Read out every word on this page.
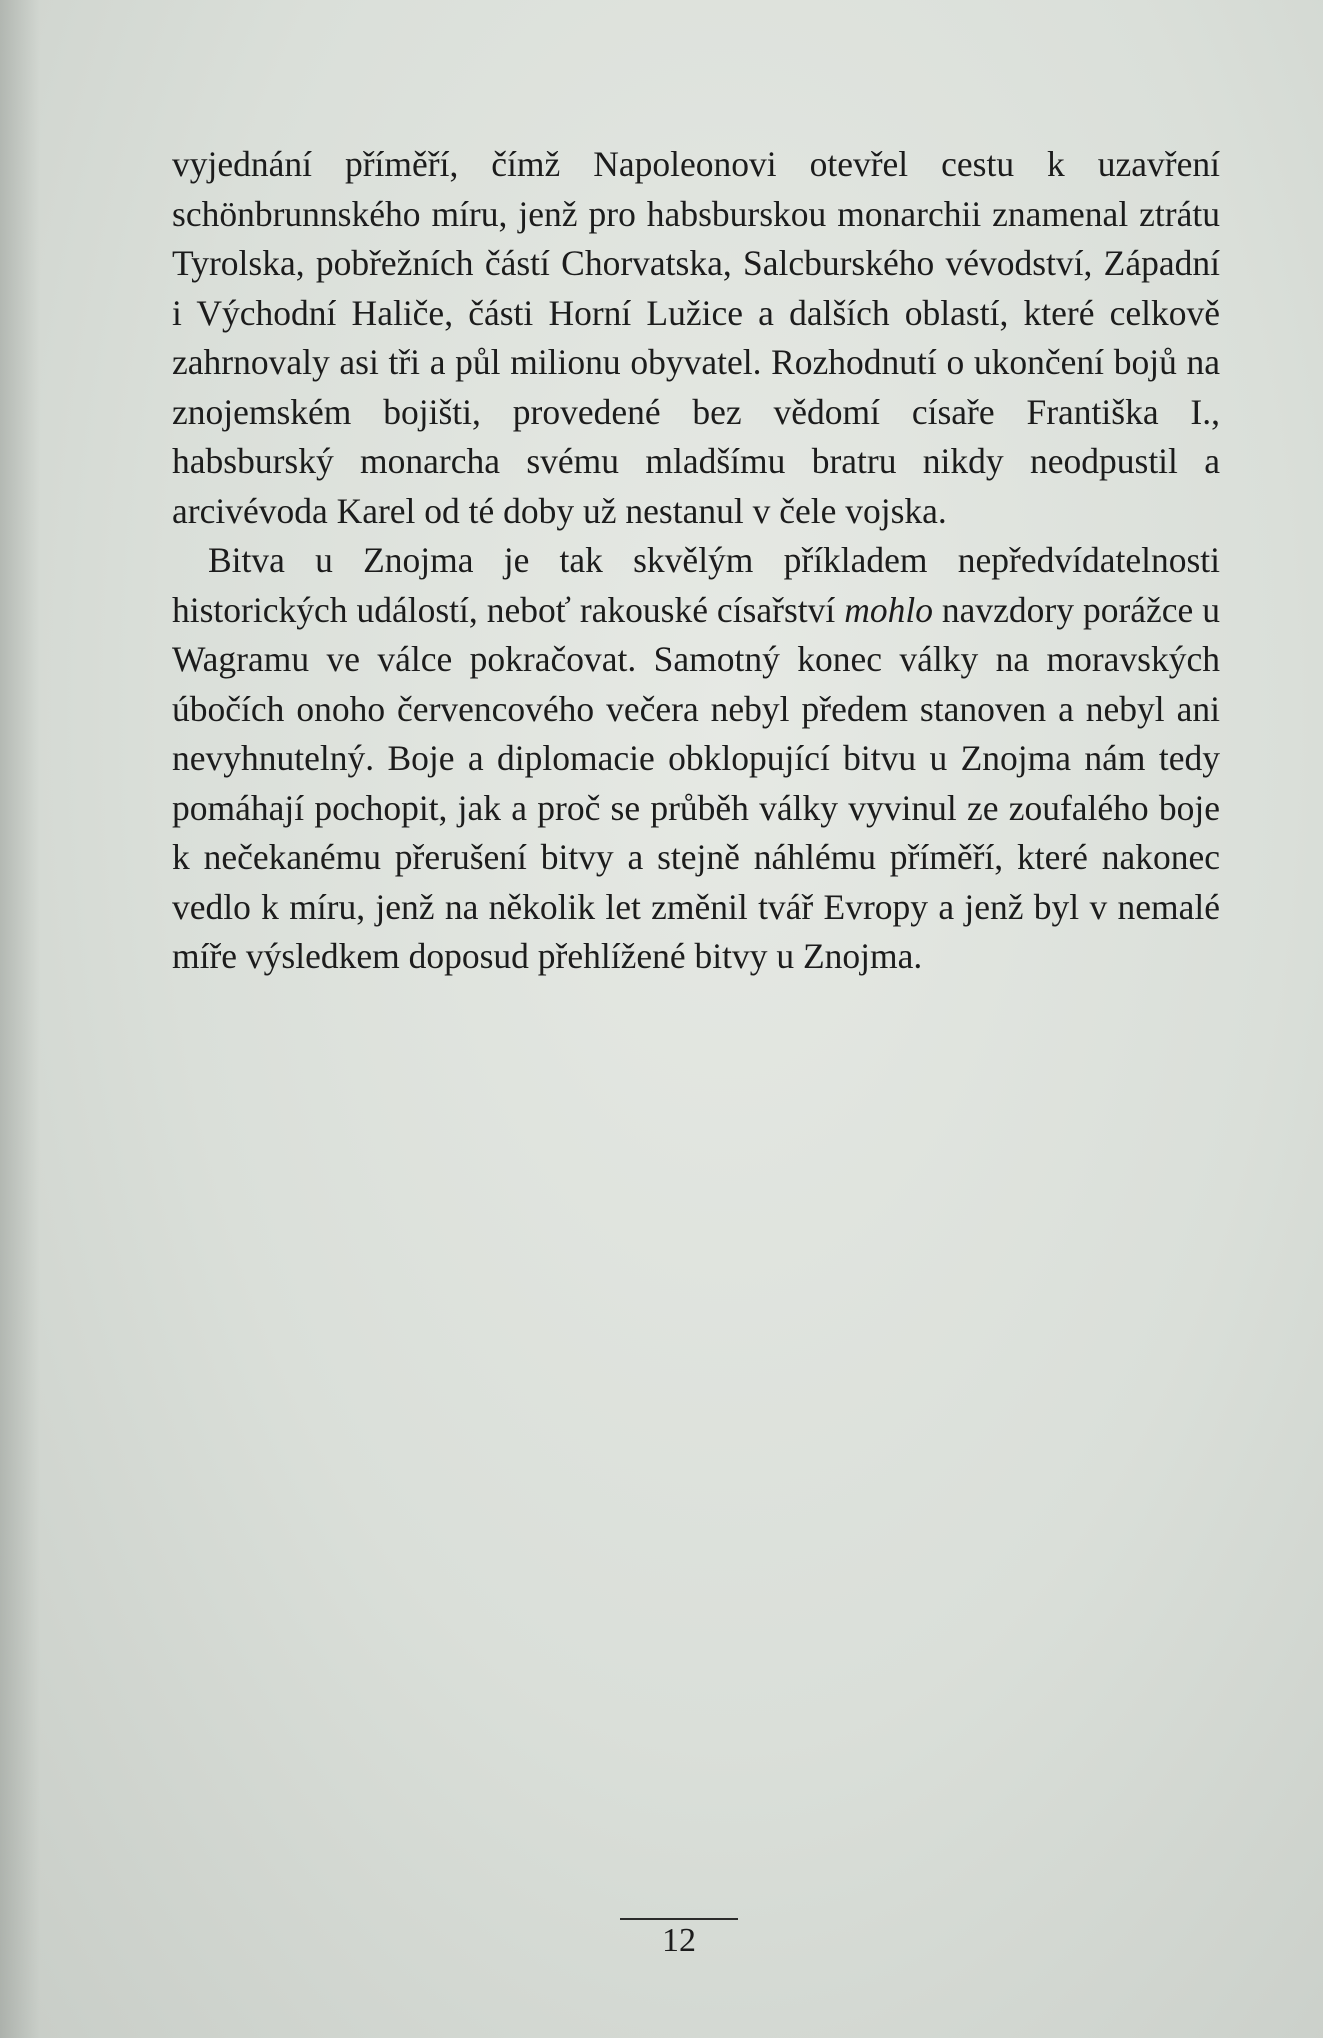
vyjednání příměří, čímž Napoleonovi otevřel cestu k uzavření schönbrunnského míru, jenž pro habsburskou monarchii znamenal ztrátu Tyrolska, pobřežních částí Chorvatska, Salcburského vévodství, Západní i Východní Haliče, části Horní Lužice a dalších oblastí, které celkově zahrnovaly asi tři a půl milionu obyvatel. Rozhodnutí o ukončení bojů na znojemském bojišti, provedené bez vědomí císaře Františka I., habsburský monarcha svému mladšímu bratru nikdy neodpustil a arcivévoda Karel od té doby už nestanul v čele vojska.

Bitva u Znojma je tak skvělým příkladem nepředvídatelnosti historických událostí, neboť rakouské císařství mohlo navzdory porážce u Wagramu ve válce pokračovat. Samotný konec války na moravských úbočích onoho červencového večera nebyl předem stanoven a nebyl ani nevyhnutelný. Boje a diplomacie obklopující bitvu u Znojma nám tedy pomáhají pochopit, jak a proč se průběh války vyvinul ze zoufalého boje k nečekanému přerušení bitvy a stejně náhlému příměří, které nakonec vedlo k míru, jenž na několik let změnil tvář Evropy a jenž byl v nemalé míře výsledkem doposud přehlížené bitvy u Znojma.

12
